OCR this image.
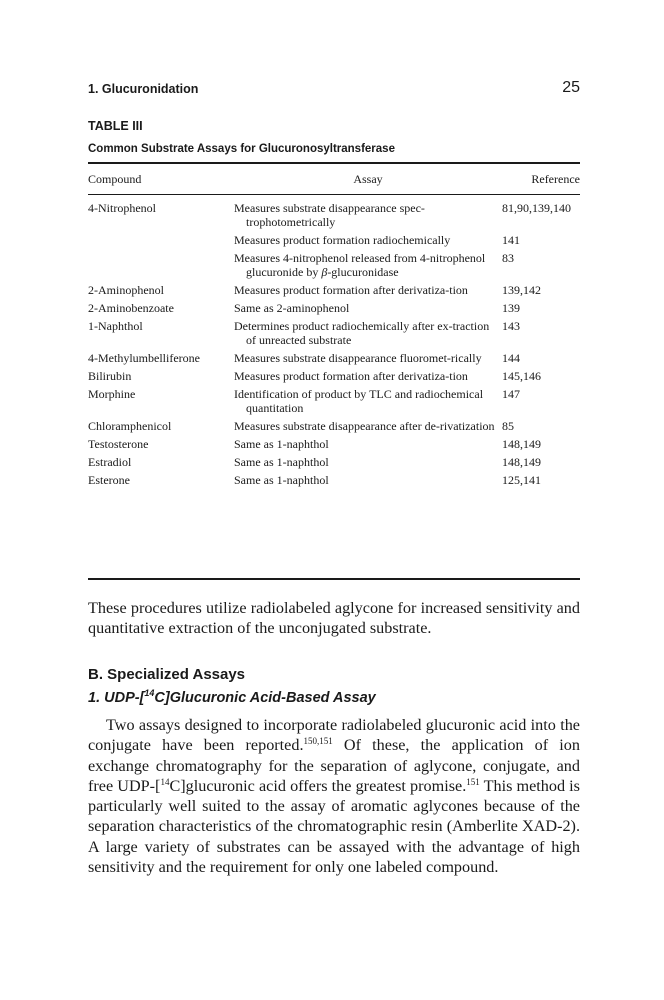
1. Glucuronidation	25
TABLE III
Common Substrate Assays for Glucuronosyltransferase
Compound	Assay	Reference
4-Nitrophenol	Measures substrate disappearance spec-trophotometrically	81,90,139,140

	Measures product formation radiochemically	141

	Measures 4-nitrophenol released from 4-nitrophenol glucuronide by β-glucuronidase	83
2-Aminophenol	Measures product formation after derivatiza-tion	139,142
2-Aminobenzoate	Same as 2-aminophenol	139
1-Naphthol	Determines product radiochemically after ex-traction of unreacted substrate	143
4-Methylumbelliferone	Measures substrate disappearance fluoromet-rically	144
Bilirubin	Measures product formation after derivatiza-tion	145,146
Morphine	Identification of product by TLC and radiochemical quantitation	147
Chloramphenicol	Measures substrate disappearance after de-rivatization	85
Testosterone	Same as 1-naphthol	148,149
Estradiol	Same as 1-naphthol	148,149
Esterone	Same as 1-naphthol	125,141

These procedures utilize radiolabeled aglycone for increased sensitivity and quantitative extraction of the unconjugated substrate.

B. Specialized Assays
1. UDP-[$^{14}$C]Glucuronic Acid-Based Assay

Two assays designed to incorporate radiolabeled glucuronic acid into the conjugate have been reported.$^{150,151}$ Of these, the application of ion exchange chromatography for the separation of aglycone, conjugate, and free UDP-[$^{14}$C]glucuronic acid offers the greatest promise.$^{151}$ This method is particularly well suited to the assay of aromatic aglycones because of the separation characteristics of the chromatographic resin (Amberlite XAD-2). A large variety of substrates can be assayed with the advantage of high sensitivity and the requirement for only one labeled compound.
